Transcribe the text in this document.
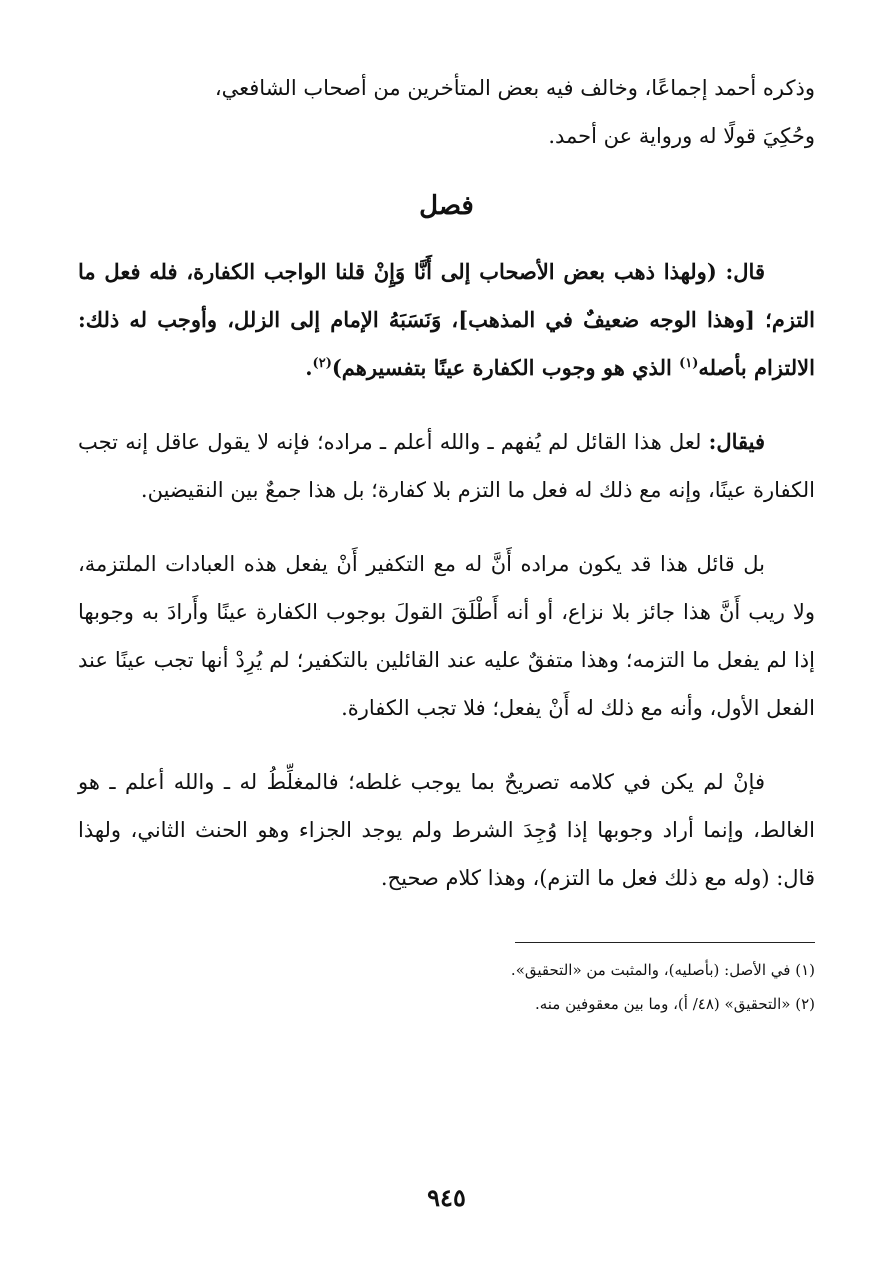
وذكره أحمد إجماعًا، وخالف فيه بعض المتأخرين من أصحاب الشافعي،
وحُكِيَ قولًا له ورواية عن أحمد.

فصل

قال: (ولهذا ذهب بعض الأصحاب إلى أَنَّا وَإِنْ قلنا الواجب الكفارة، فله فعل ما التزم؛ [وهذا الوجه ضعيفٌ في المذهب]، وَنَسَبَهُ الإمام إلى الزلل، وأوجب له ذلك: الالتزام بأصله$^{(١)}$ الذي هو وجوب الكفارة عينًا بتفسيرهم)$^{(٢)}$.

فيقال: لعل هذا القائل لم يُفهم ـ والله أعلم ـ مراده؛ فإنه لا يقول عاقل إنه تجب الكفارة عينًا، وإنه مع ذلك له فعل ما التزم بلا كفارة؛ بل هذا جمعٌ بين النقيضين.

بل قائل هذا قد يكون مراده أَنَّ له مع التكفير أَنْ يفعل هذه العبادات الملتزمة، ولا ريب أَنَّ هذا جائز بلا نزاع، أو أنه أَطْلَقَ القولَ بوجوب الكفارة عينًا وأَرادَ به وجوبها إذا لم يفعل ما التزمه؛ وهذا متفقٌ عليه عند القائلين بالتكفير؛ لم يُرِدْ أنها تجب عينًا عند الفعل الأول، وأنه مع ذلك له أَنْ يفعل؛ فلا تجب الكفارة.

فإنْ لم يكن في كلامه تصريحٌ بما يوجب غلطه؛ فالمغلِّطُ له ـ والله أعلم ـ هو الغالط، وإنما أراد وجوبها إذا وُجِدَ الشرط ولم يوجد الجزاء وهو الحنث الثاني، ولهذا قال: (وله مع ذلك فعل ما التزم)، وهذا كلام صحيح.

(١) في الأصل: (بأصليه)، والمثبت من «التحقيق».

(٢) «التحقيق» (٤٨/ أ)، وما بين معقوفين منه.

٩٤٥
